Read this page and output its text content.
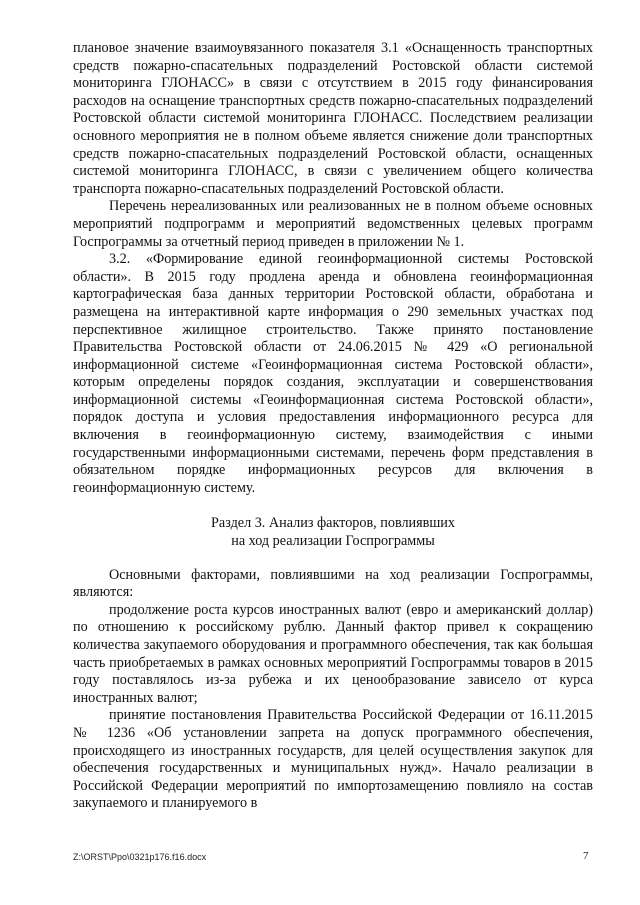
плановое значение взаимоувязанного показателя 3.1 «Оснащенность транспортных средств пожарно-спасательных подразделений Ростовской области системой мониторинга ГЛОНАСС» в связи с отсутствием в 2015 году финансирования расходов на оснащение транспортных средств пожарно-спасательных подразделений Ростовской области системой мониторинга ГЛОНАСС. Последствием реализации основного мероприятия не в полном объеме является снижение доли транспортных средств пожарно-спасательных подразделений Ростовской области, оснащенных системой мониторинга ГЛОНАСС, в связи с увеличением общего количества транспорта пожарно-спасательных подразделений Ростовской области.

Перечень нереализованных или реализованных не в полном объеме основных мероприятий подпрограмм и мероприятий ведомственных целевых программ Госпрограммы за отчетный период приведен в приложении № 1.

3.2. «Формирование единой геоинформационной системы Ростовской области». В 2015 году продлена аренда и обновлена геоинформационная картографическая база данных территории Ростовской области, обработана и размещена на интерактивной карте информация о 290 земельных участках под перспективное жилищное строительство. Также принято постановление Правительства Ростовской области от 24.06.2015 № 429 «О региональной информационной системе «Геоинформационная система Ростовской области», которым определены порядок создания, эксплуатации и совершенствования информационной системы «Геоинформационная система Ростовской области», порядок доступа и условия предоставления информационного ресурса для включения в геоинформационную систему, взаимодействия с иными государственными информационными системами, перечень форм представления в обязательном порядке информационных ресурсов для включения в геоинформационную систему.

Раздел 3. Анализ факторов, повлиявших
на ход реализации Госпрограммы

Основными факторами, повлиявшими на ход реализации Госпрограммы, являются:

продолжение роста курсов иностранных валют (евро и американский доллар) по отношению к российскому рублю. Данный фактор привел к сокращению количества закупаемого оборудования и программного обеспечения, так как большая часть приобретаемых в рамках основных мероприятий Госпрограммы товаров в 2015 году поставлялось из-за рубежа и их ценообразование зависело от курса иностранных валют;

принятие постановления Правительства Российской Федерации от 16.11.2015 № 1236 «Об установлении запрета на допуск программного обеспечения, происходящего из иностранных государств, для целей осуществления закупок для обеспечения государственных и муниципальных нужд». Начало реализации в Российской Федерации мероприятий по импортозамещению повлияло на состав закупаемого и планируемого в

Z:\ORST\Ppo\0321p176.f16.docx	7
